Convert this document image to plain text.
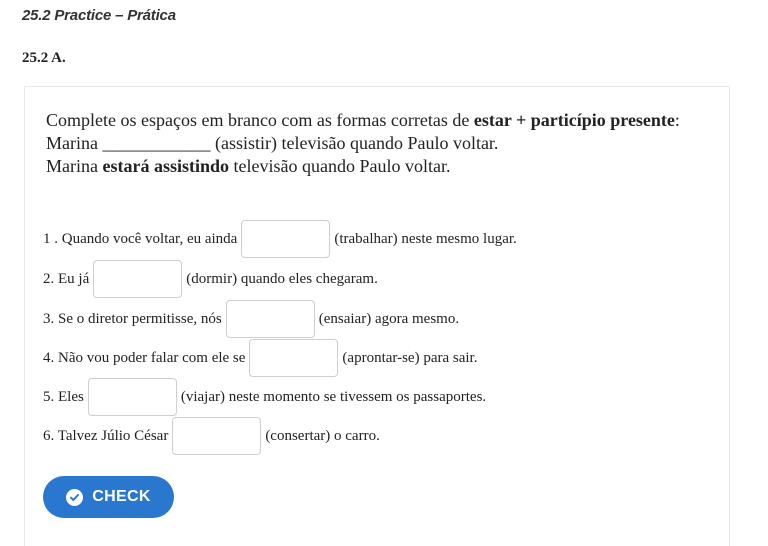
25.2 Practice – Prática
25.2 A.
Complete os espaços em branco com as formas corretas de estar + particípio presente:
Marina ____________ (assistir) televisão quando Paulo voltar.
Marina estará assistindo televisão quando Paulo voltar.
1 . Quando você voltar, eu ainda	(trabalhar) neste mesmo lugar.
2. Eu já	(dormir) quando eles chegaram.
3. Se o diretor permitisse, nós	(ensaiar) agora mesmo.
4. Não vou poder falar com ele se	(aprontar-se) para sair.
5. Eles	(viajar) neste momento se tivessem os passaportes.
6. Talvez Júlio César	(consertar) o carro.
CHECK
